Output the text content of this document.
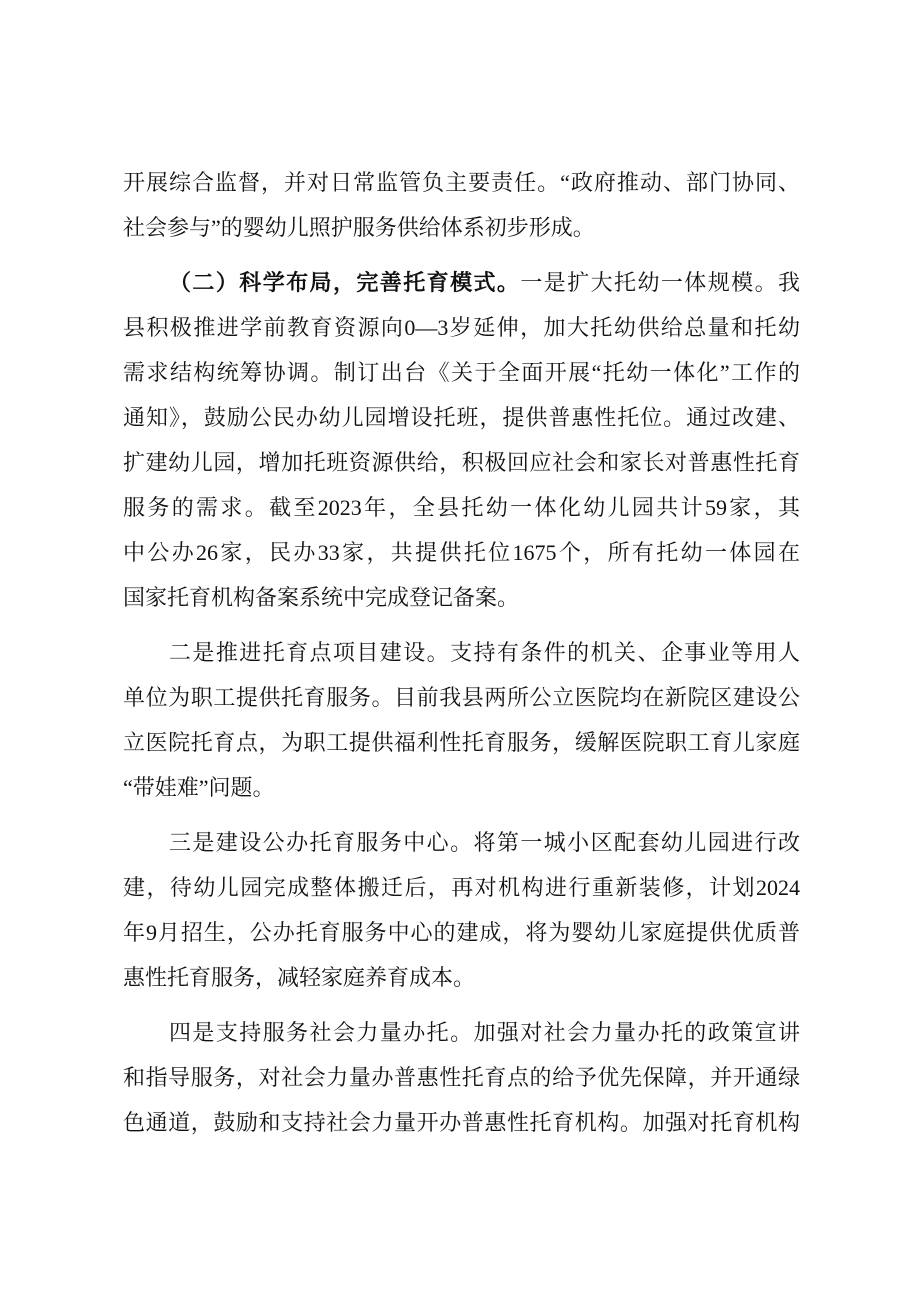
开展综合监督，并对日常监管负主要责任。“政府推动、部门协同、
社会参与”的婴幼儿照护服务供给体系初步形成。
（二）科学布局，完善托育模式。一是扩大托幼一体规模。我
县积极推进学前教育资源向0—3岁延伸，加大托幼供给总量和托幼
需求结构统筹协调。制订出台《关于全面开展“托幼一体化”工作的
通知》，鼓励公民办幼儿园增设托班，提供普惠性托位。通过改建、
扩建幼儿园，增加托班资源供给，积极回应社会和家长对普惠性托育
服务的需求。截至2023年，全县托幼一体化幼儿园共计59家，其
中公办26家，民办33家，共提供托位1675个，所有托幼一体园在
国家托育机构备案系统中完成登记备案。
二是推进托育点项目建设。支持有条件的机关、企事业等用人
单位为职工提供托育服务。目前我县两所公立医院均在新院区建设公
立医院托育点，为职工提供福利性托育服务，缓解医院职工育儿家庭
“带娃难”问题。
三是建设公办托育服务中心。将第一城小区配套幼儿园进行改
建，待幼儿园完成整体搬迁后，再对机构进行重新装修，计划2024
年9月招生，公办托育服务中心的建成，将为婴幼儿家庭提供优质普
惠性托育服务，减轻家庭养育成本。
四是支持服务社会力量办托。加强对社会力量办托的政策宣讲
和指导服务，对社会力量办普惠性托育点的给予优先保障，并开通绿
色通道，鼓励和支持社会力量开办普惠性托育机构。加强对托育机构
